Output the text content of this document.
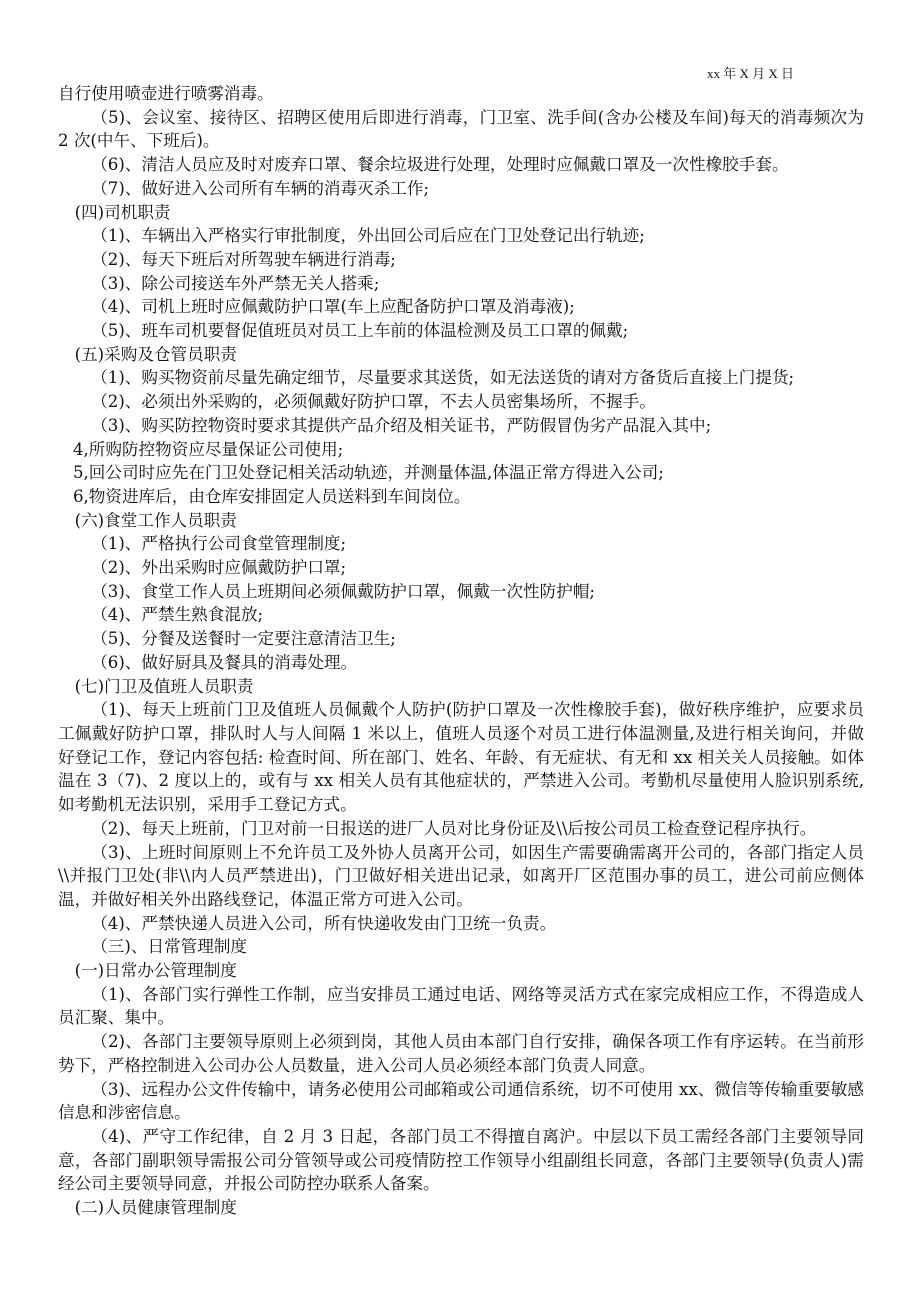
xx 年 X 月 X 日

自行使用喷壶进行喷雾消毒。

（5)、会议室、接待区、招聘区使用后即进行消毒，门卫室、洗手间(含办公楼及车间)每天的消毒频次为 2 次(中午、下班后)。

（6)、清洁人员应及时对废弃口罩、餐余垃圾进行处理，处理时应佩戴口罩及一次性橡胶手套。

（7)、做好进入公司所有车辆的消毒灭杀工作;

(四)司机职责

（1)、车辆出入严格实行审批制度，外出回公司后应在门卫处登记出行轨迹;

（2)、每天下班后对所驾驶车辆进行消毒;

（3)、除公司接送车外严禁无关人搭乘;

（4)、司机上班时应佩戴防护口罩(车上应配备防护口罩及消毒液);

（5)、班车司机要督促值班员对员工上车前的体温检测及员工口罩的佩戴;

(五)采购及仓管员职责

（1)、购买物资前尽量先确定细节，尽量要求其送货，如无法送货的请对方备货后直接上门提货;

（2)、必须出外采购的，必须佩戴好防护口罩，不去人员密集场所，不握手。

（3)、购买防控物资时要求其提供产品介绍及相关证书，严防假冒伪劣产品混入其中;

4,所购防控物资应尽量保证公司使用;

5,回公司时应先在门卫处登记相关活动轨迹，并测量体温,体温正常方得进入公司;

6,物资进库后，由仓库安排固定人员送料到车间岗位。

(六)食堂工作人员职责

（1)、严格执行公司食堂管理制度;

（2)、外出采购时应佩戴防护口罩;

（3)、食堂工作人员上班期间必须佩戴防护口罩，佩戴一次性防护帽;

（4)、严禁生熟食混放;

（5)、分餐及送餐时一定要注意清洁卫生;

（6)、做好厨具及餐具的消毒处理。

(七)门卫及值班人员职责

（1)、每天上班前门卫及值班人员佩戴个人防护(防护口罩及一次性橡胶手套)，做好秩序维护，应要求员工佩戴好防护口罩，排队时人与人间隔 1 米以上，值班人员逐个对员工进行体温测量,及进行相关询问，并做好登记工作，登记内容包括: 检查时间、所在部门、姓名、年龄、有无症状、有无和 xx 相关关人员接触。如体温在 3（7)、2 度以上的，或有与 xx 相关人员有其他症状的，严禁进入公司。考勤机尽量使用人脸识别系统,如考勤机无法识别，采用手工登记方式。

（2)、每天上班前，门卫对前一日报送的进厂人员对比身份证及\\后按公司员工检查登记程序执行。

（3)、上班时间原则上不允许员工及外协人员离开公司，如因生产需要确需离开公司的，各部门指定人员\\并报门卫处(非\\内人员严禁进出)，门卫做好相关进出记录，如离开厂区范围办事的员工，进公司前应侧体温，并做好相关外出路线登记，体温正常方可进入公司。

（4)、严禁快递人员进入公司，所有快递收发由门卫统一负责。

（三)、日常管理制度

(一)日常办公管理制度

（1)、各部门实行弹性工作制，应当安排员工通过电话、网络等灵活方式在家完成相应工作，不得造成人员汇聚、集中。

（2)、各部门主要领导原则上必须到岗，其他人员由本部门自行安排，确保各项工作有序运转。在当前形势下，严格控制进入公司办公人员数量，进入公司人员必须经本部门负责人同意。

（3)、远程办公文件传输中，请务必使用公司邮箱或公司通信系统，切不可使用 xx、微信等传输重要敏感信息和涉密信息。

（4)、严守工作纪律，自 2 月 3 日起，各部门员工不得擅自离沪。中层以下员工需经各部门主要领导同意，各部门副职领导需报公司分管领导或公司疫情防控工作领导小组副组长同意，各部门主要领导(负责人)需经公司主要领导同意，并报公司防控办联系人备案。

(二)人员健康管理制度
